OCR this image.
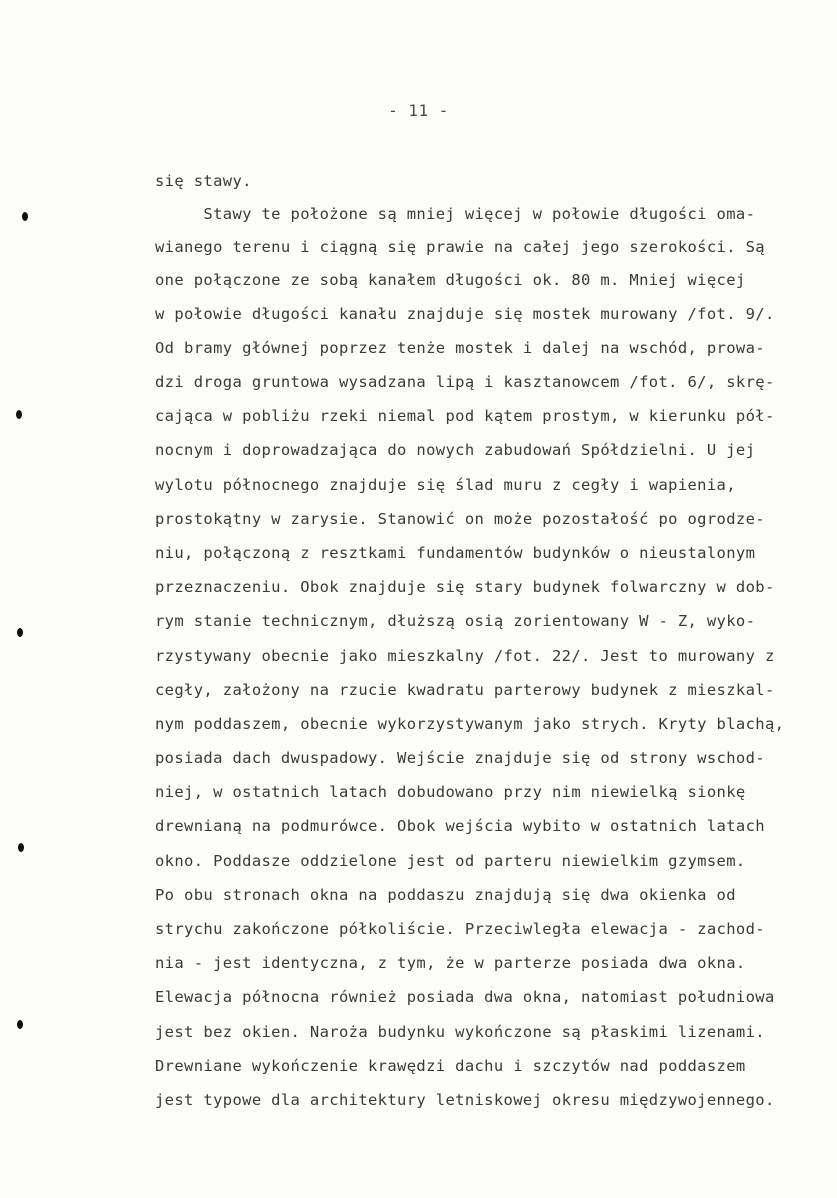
- 11 -
się stawy.
Stawy te położone są mniej więcej w połowie długości oma-
wianego terenu i ciągną się prawie na całej jego szerokości. Są
one połączone ze sobą kanałem długości ok. 80 m. Mniej więcej
w połowie długości kanału znajduje się mostek murowany /fot. 9/.
Od bramy głównej poprzez tenże mostek i dalej na wschód, prowa-
dzi droga gruntowa wysadzana lipą i kasztanowcem /fot. 6/, skrę-
cająca w pobliżu rzeki niemal pod kątem prostym, w kierunku pół-
nocnym i doprowadzająca do nowych zabudowań Spółdzielni. U jej
wylotu północnego znajduje się ślad muru z cegły i wapienia,
prostokątny w zarysie. Stanowić on może pozostałość po ogrodze-
niu, połączoną z resztkami fundamentów budynków o nieustalonym
przeznaczeniu. Obok znajduje się stary budynek folwarczny w dob-
rym stanie technicznym, dłuższą osią zorientowany W - Z, wyko-
rzystywany obecnie jako mieszkalny /fot. 22/. Jest to murowany z
cegły, założony na rzucie kwadratu parterowy budynek z mieszkal-
nym poddaszem, obecnie wykorzystywanym jako strych. Kryty blachą,
posiada dach dwuspadowy. Wejście znajduje się od strony wschod-
niej, w ostatnich latach dobudowano przy nim niewielką sionkę
drewnianą na podmurówce. Obok wejścia wybito w ostatnich latach
okno. Poddasze oddzielone jest od parteru niewielkim gzymsem.
Po obu stronach okna na poddaszu znajdują się dwa okienka od
strychu zakończone półkoliście. Przeciwległa elewacja - zachod-
nia - jest identyczna, z tym, że w parterze posiada dwa okna.
Elewacja północna również posiada dwa okna, natomiast południowa
jest bez okien. Naroża budynku wykończone są płaskimi lizenami.
Drewniane wykończenie krawędzi dachu i szczytów nad poddaszem
jest typowe dla architektury letniskowej okresu międzywojennego.
